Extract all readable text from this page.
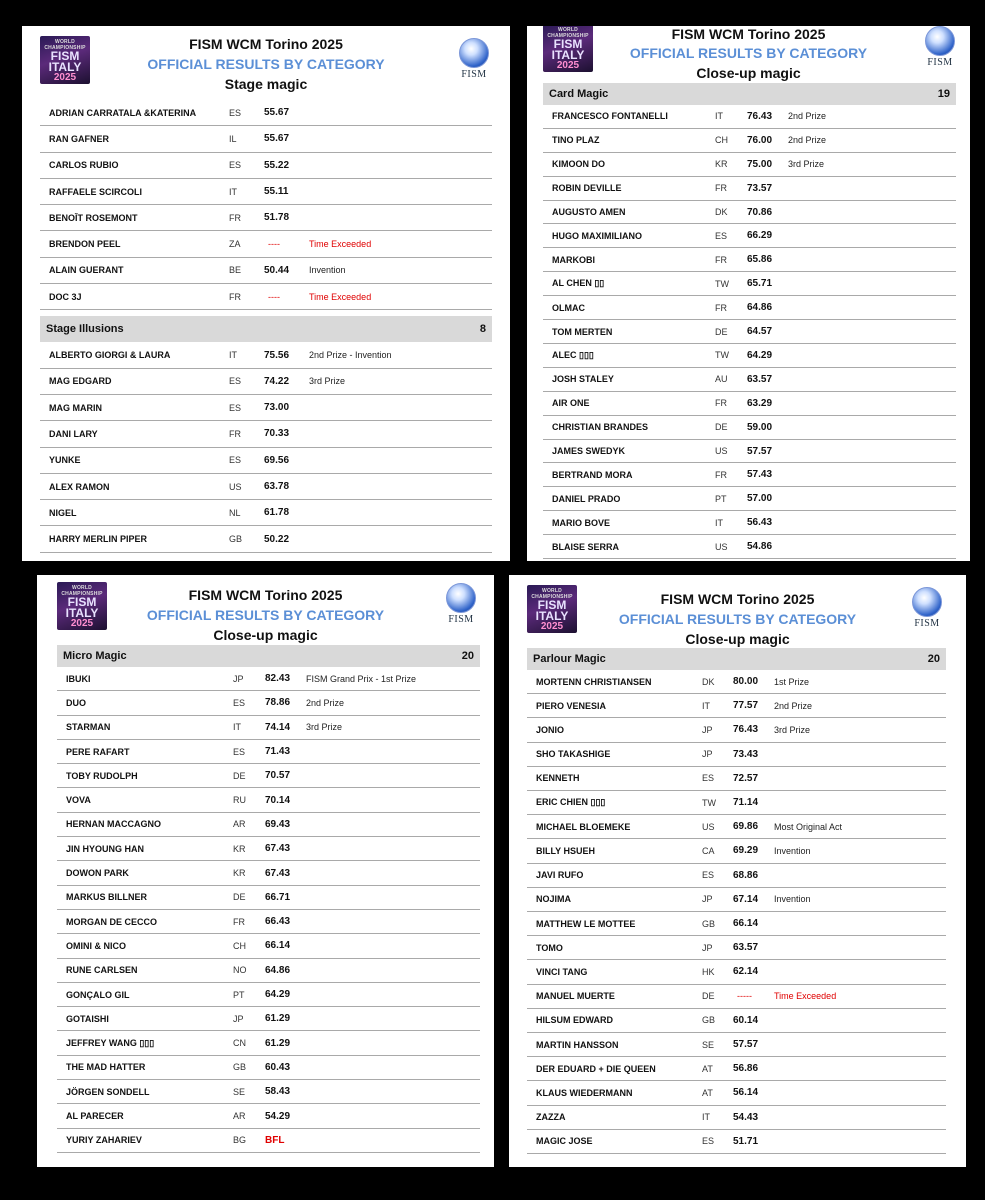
WORLD CHAMPIONSHIP
FISM
ITALY
2025	FISM
FISM WCM Torino 2025
OFFICIAL RESULTS BY CATEGORY
Stage magic
ADRIAN CARRATALA &KATERINA	ES 55.67
RAN GAFNER	IL	55.67
CARLOS RUBIO	ES 55.22
RAFFAELE SCIRCOLI	IT	55.11
BENOÎT ROSEMONT	FR 51.78
BRENDON PEEL	ZA	----	Time Exceeded
ALAIN GUERANT	BE 50.44 Invention
DOC 3J	FR	----	Time Exceeded
Stage Illusions	8
ALBERTO GIORGI & LAURA	IT	75.56 2nd Prize - Invention
MAG EDGARD	ES 74.22 3rd Prize
MAG MARIN	ES 73.00
DANI LARY	FR 70.33
YUNKE	ES 69.56
ALEX RAMON	US 63.78
NIGEL	NL 61.78
HARRY MERLIN PIPER	GB 50.22
WORLD CHAMPIONSHIP
FISM
ITALY
2025	FISM
FISM WCM Torino 2025
OFFICIAL RESULTS BY CATEGORY
Close-up magic
Card Magic	19
FRANCESCO FONTANELLI	IT 76.43 2nd Prize
TINO PLAZ	CH 76.00 2nd Prize
KIMOON DO	KR 75.00 3rd Prize
ROBIN DEVILLE	FR 73.57
AUGUSTO AMEN	DK 70.86
HUGO MAXIMILIANO	ES 66.29
MARKOBI	FR 65.86
AL CHEN ▯▯	TW 65.71
OLMAC	FR 64.86
TOM MERTEN	DE 64.57
ALEC ▯▯▯	TW 64.29
JOSH STALEY	AU 63.57
AIR ONE	FR 63.29
CHRISTIAN BRANDES	DE 59.00
JAMES SWEDYK	US 57.57
BERTRAND MORA	FR 57.43
DANIEL PRADO	PT 57.00
MARIO BOVE	IT 56.43
BLAISE SERRA	US 54.86
WORLD CHAMPIONSHIP
FISM
ITALY
2025	FISM
FISM WCM Torino 2025
OFFICIAL RESULTS BY CATEGORY
Close-up magic
Micro Magic	20
IBUKI	JP 82.43 FISM Grand Prix - 1st Prize
DUO	ES 78.86 2nd Prize
STARMAN	IT 74.14 3rd Prize
PERE RAFART	ES 71.43
TOBY RUDOLPH	DE 70.57
VOVA	RU 70.14
HERNAN MACCAGNO	AR 69.43
JIN HYOUNG HAN	KR 67.43
DOWON PARK	KR 67.43
MARKUS BILLNER	DE 66.71
MORGAN DE CECCO	FR 66.43
OMINI & NICO	CH 66.14
RUNE CARLSEN	NO 64.86
GONÇALO GIL	PT 64.29
GOTAISHI	JP 61.29
JEFFREY WANG ▯▯▯	CN 61.29
THE MAD HATTER	GB 60.43
JÖRGEN SONDELL	SE 58.43
AL PARECER	AR 54.29
YURIY ZAHARIEV	BG BFL
WORLD CHAMPIONSHIP
FISM
ITALY
2025	FISM
FISM WCM Torino 2025
OFFICIAL RESULTS BY CATEGORY
Close-up magic
Parlour Magic	20
MORTENN CHRISTIANSEN	DK 80.00 1st Prize
PIERO VENESIA	IT 77.57 2nd Prize
JONIO	JP 76.43 3rd Prize
SHO TAKASHIGE	JP 73.43
KENNETH	ES 72.57
ERIC CHIEN ▯▯▯	TW 71.14
MICHAEL BLOEMEKE	US 69.86 Most Original Act
BILLY HSUEH	CA 69.29 Invention
JAVI RUFO	ES 68.86
NOJIMA	JP 67.14 Invention
MATTHEW LE MOTTEE	GB 66.14
TOMO	JP 63.57
VINCI TANG	HK 62.14
MANUEL MUERTE	DE ----- Time Exceeded
HILSUM EDWARD	GB 60.14
MARTIN HANSSON	SE 57.57
DER EDUARD + DIE QUEEN	AT 56.86
KLAUS WIEDERMANN	AT 56.14
ZAZZA	IT 54.43
MAGIC JOSE	ES 51.71
